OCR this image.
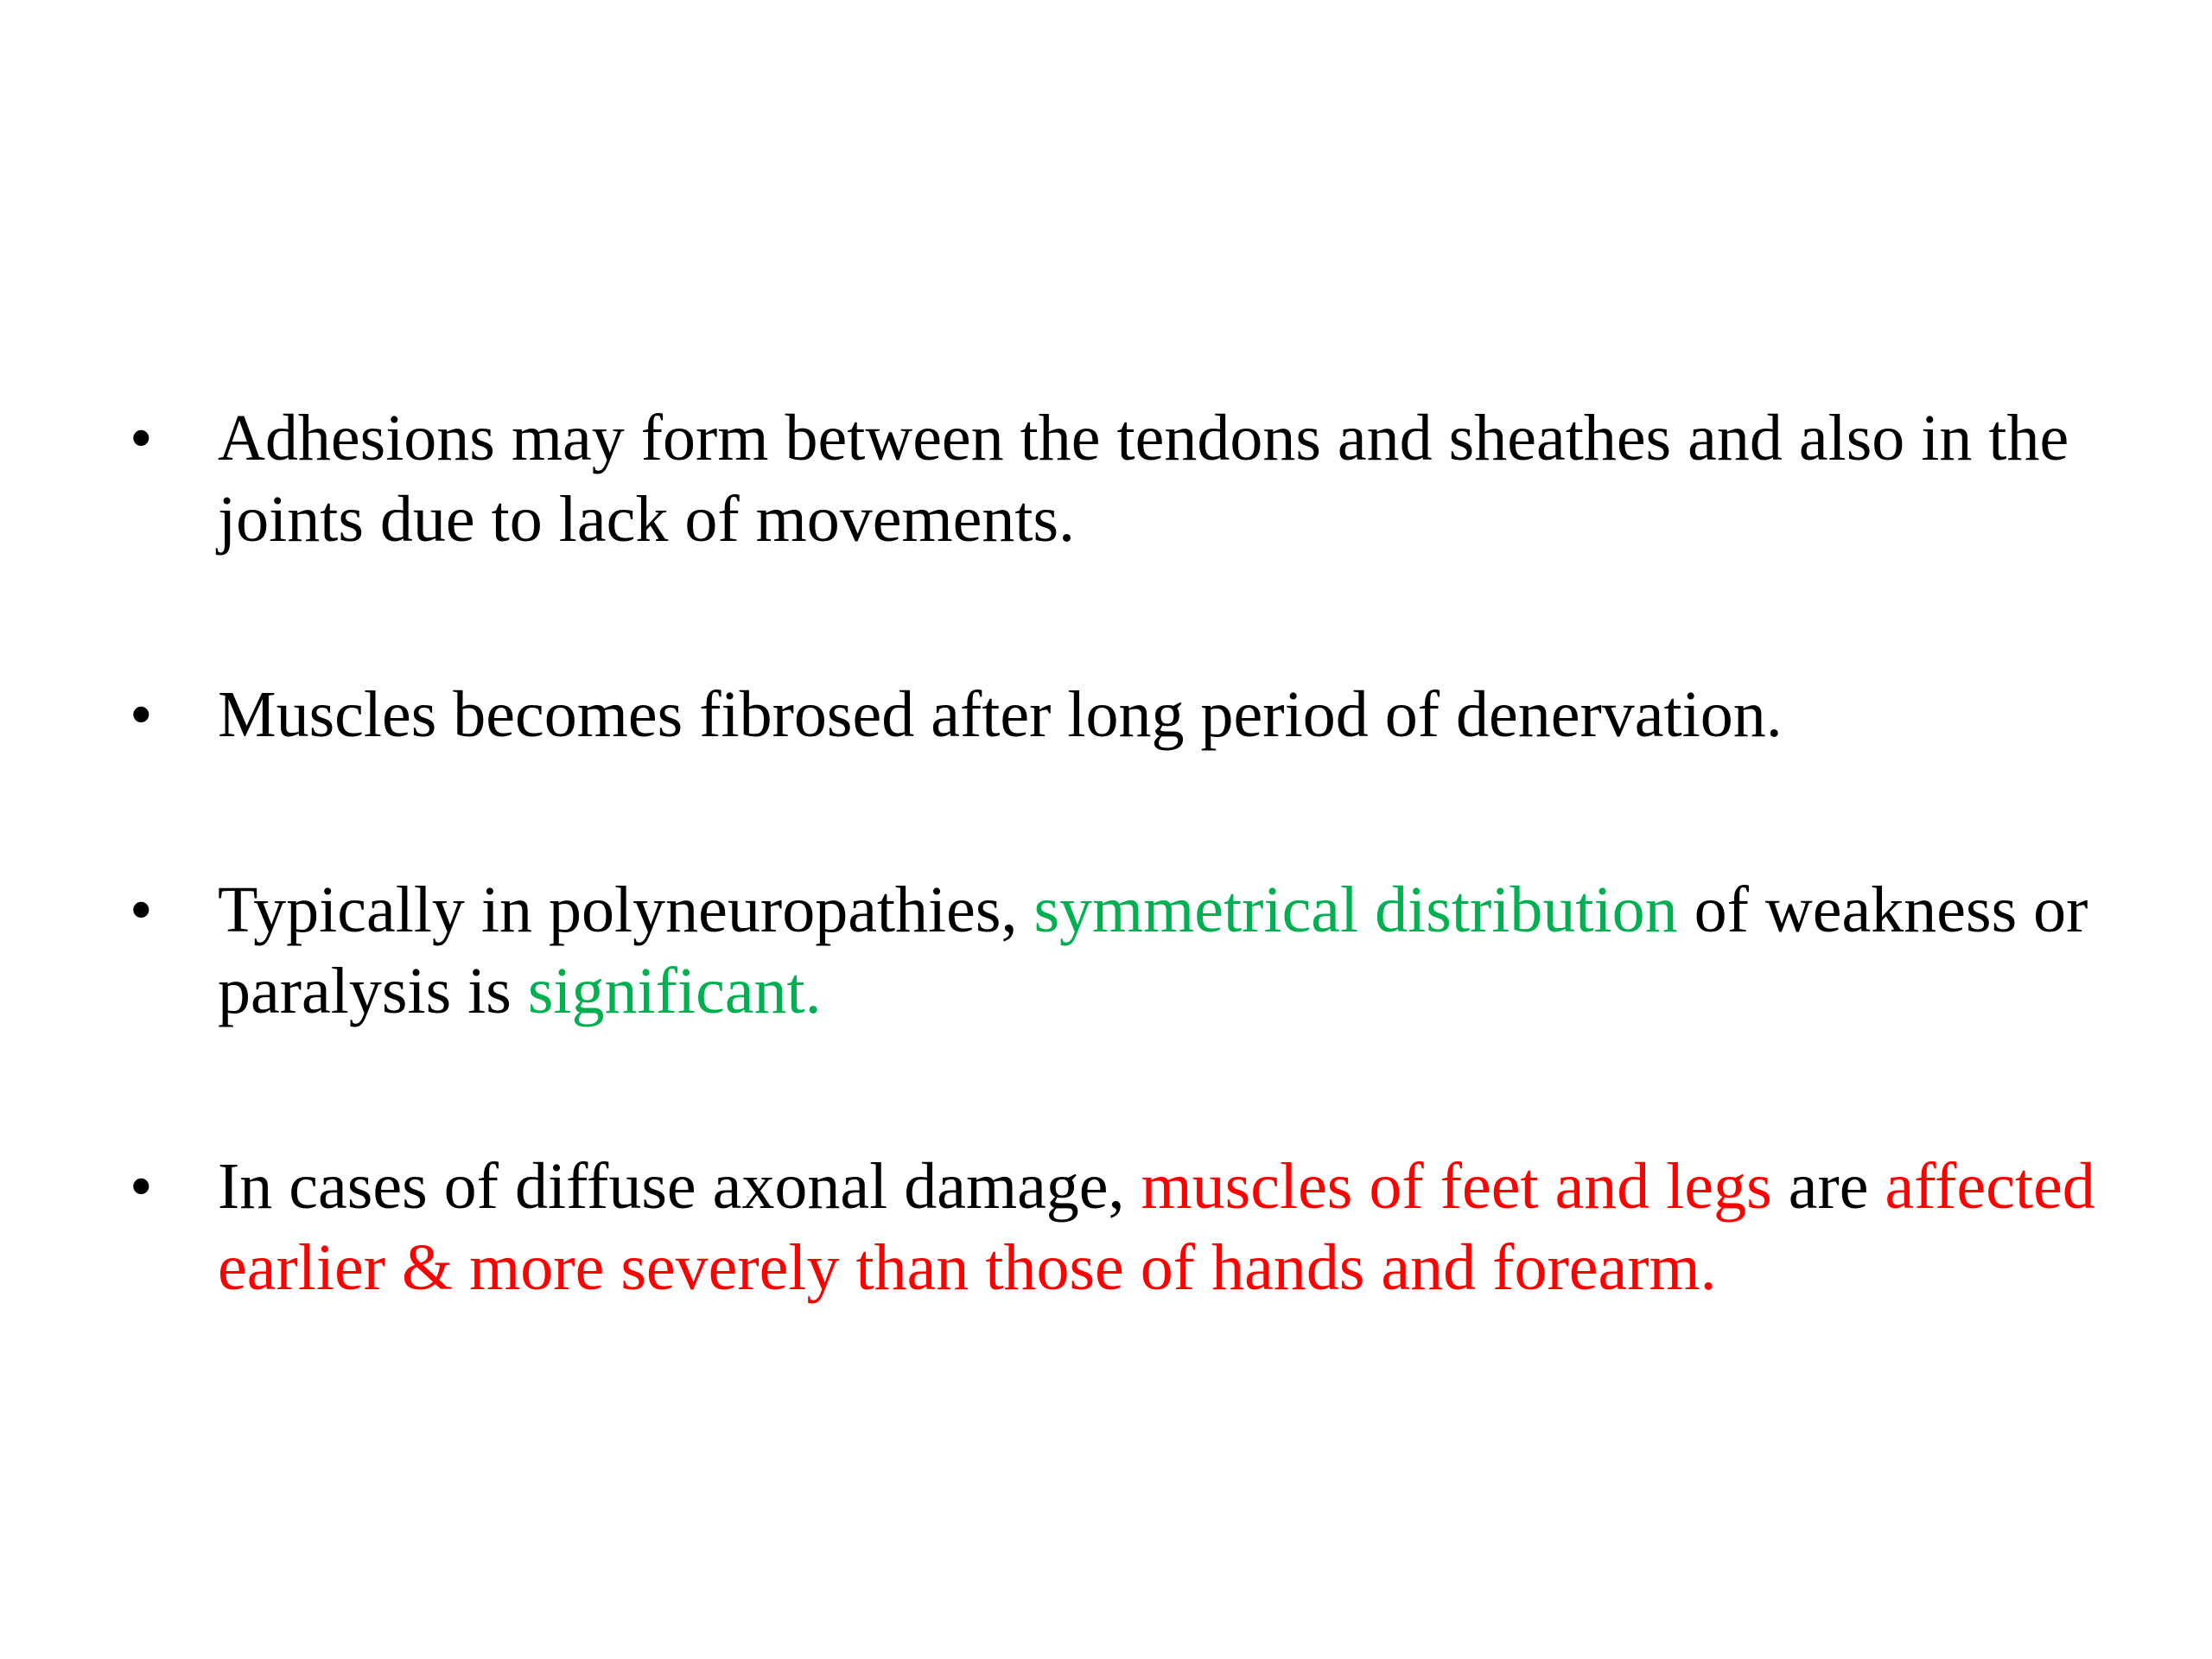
• Adhesions may form between the tendons and sheathes and also in the joints due to lack of movements.
• Muscles becomes fibrosed after long period of denervation.
• Typically in polyneuropathies, symmetrical distribution of weakness or paralysis is significant.
• In cases of diffuse axonal damage, muscles of feet and legs are affected earlier & more severely than those of hands and forearm.
